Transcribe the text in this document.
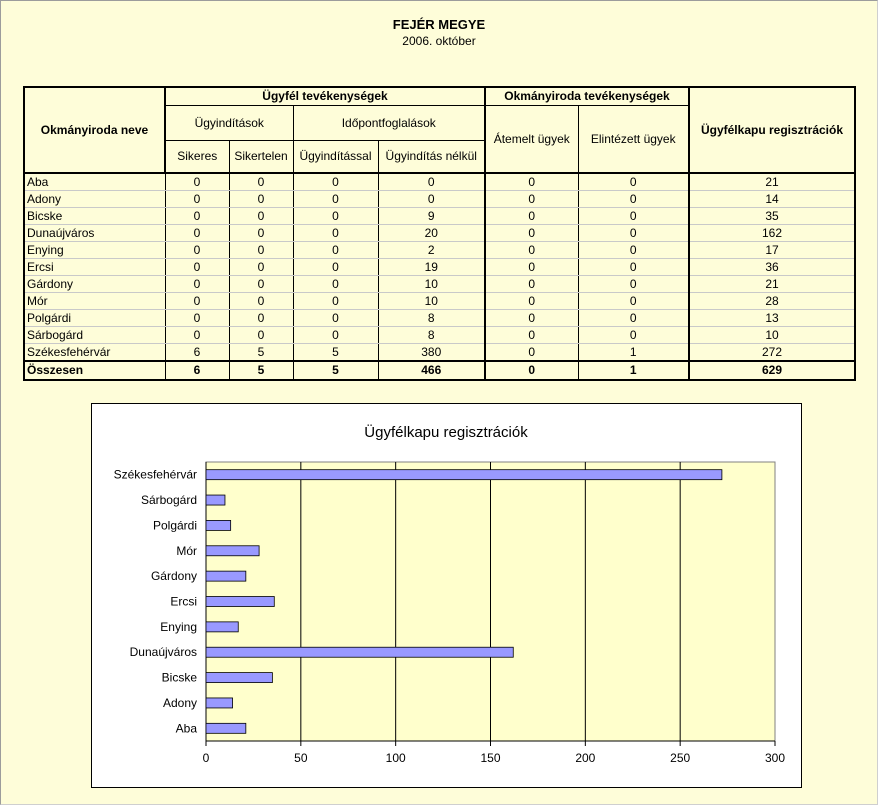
FEJÉR MEGYE
2006. október
Okmányiroda neve	Ügyfél tevékenységek				Okmányiroda tevékenységek		Ügyfélkapu regisztrációk
	Ügyindítások		Időpontfoglalások		Átemelt ügyek	Elintézett ügyek	
	Sikeres	Sikertelen	Ügyindítással	Ügyindítás nélkül			
Aba	0	0	0	0	0	0	21
Adony	0	0	0	0	0	0	14
Bicske	0	0	0	9	0	0	35
Dunaújváros	0	0	0	20	0	0	162
Enying	0	0	0	2	0	0	17
Ercsi	0	0	0	19	0	0	36
Gárdony	0	0	0	10	0	0	21
Mór	0	0	0	10	0	0	28
Polgárdi	0	0	0	8	0	0	13
Sárbogárd	0	0	0	8	0	0	10
Székesfehérvár	6	5	5	380	0	1	272
Összesen	6	5	5	466	0	1	629
Ügyfélkapu regisztrációk
0	50	100	150	200	250	300
Aba
Adony
Bicske
Dunaújváros
Enying
Ercsi
Gárdony
Mór
Polgárdi
Sárbogárd
Székesfehérvár
